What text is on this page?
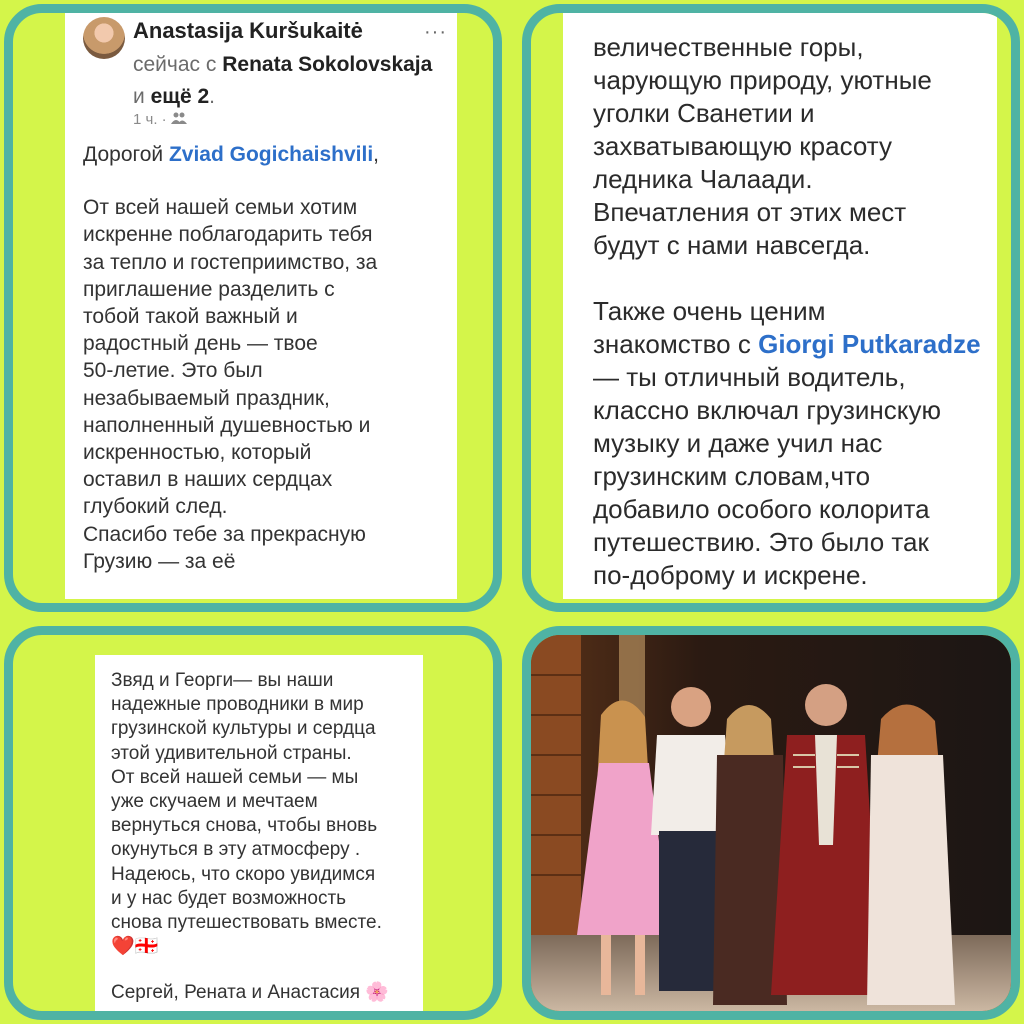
Anastasija Kuršukaitė	···
сейчас с Renata Sokolovskaja и ещё 2.
1 ч. ·
Дорогой Zviad Gogichaishvili,
От всей нашей семьи хотим
искренне поблагодарить тебя
за тепло и гостеприимство, за
приглашение разделить с
тобой такой важный и
радостный день — твое
50-летие. Это был
незабываемый праздник,
наполненный душевностью и
искренностью, который
оставил в наших сердцах
глубокий след.
Спасибо тебе за прекрасную
Грузию — за её
величественные горы,
чарующую природу, уютные
уголки Сванетии и
захватывающую красоту
ледника Чалаади.
Впечатления от этих мест
будут с нами навсегда.
Также очень ценим
знакомство с Giorgi Putkaradze
— ты отличный водитель,
классно включал грузинскую
музыку и даже учил нас
грузинским словам,что
добавило особого колорита
путешествию. Это было так
по-доброму и искрене.
Звяд и Георги— вы наши
надежные проводники в мир
грузинской культуры и сердца
этой удивительной страны.
От всей нашей семьи — мы
уже скучаем и мечтаем
вернуться снова, чтобы вновь
окунуться в эту атмосферу .
Надеюсь, что скоро увидимся
и у нас будет возможность
снова путешествовать вместе.
❤️🇬🇪
Сергей, Рената и Анастасия 🌸
